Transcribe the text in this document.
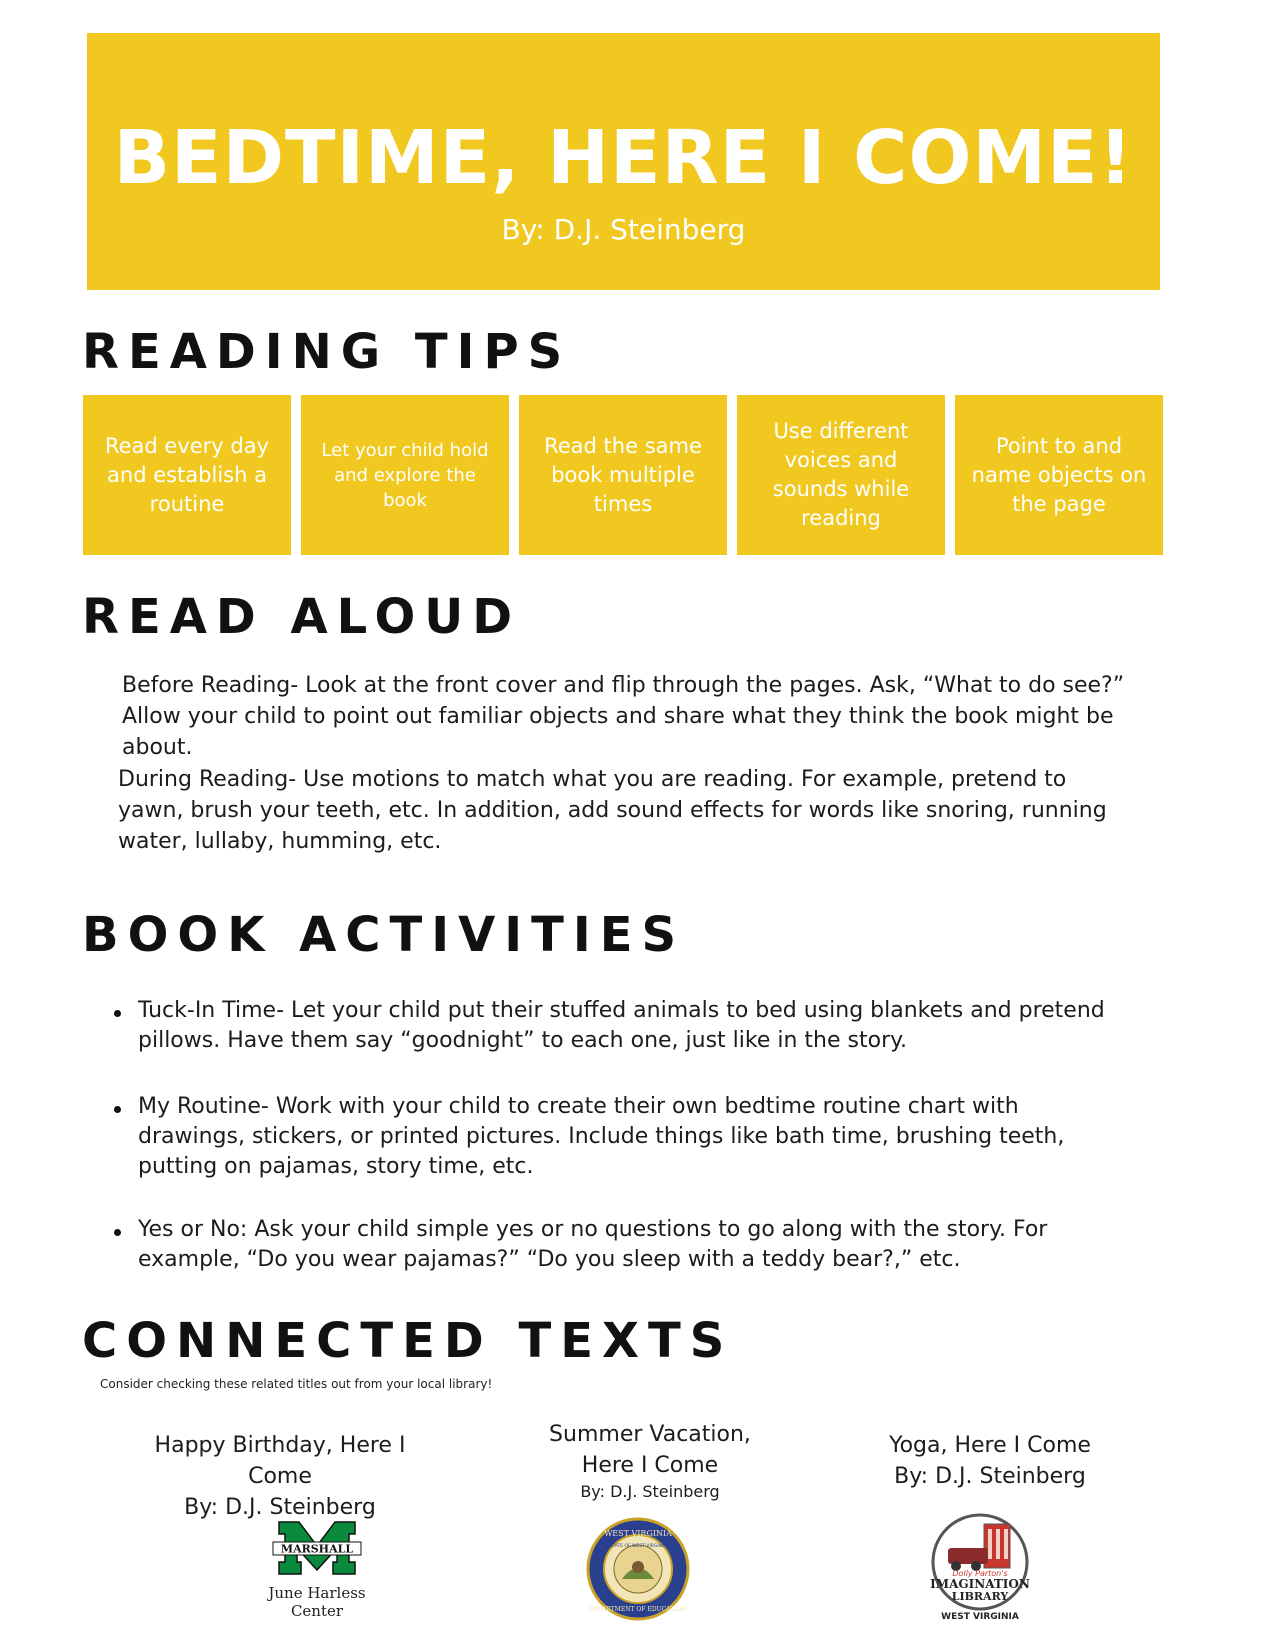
BEDTIME, HERE I COME!
By: D.J. Steinberg
READING TIPS
Read every day and establish a routine
Let your child hold and explore the book
Read the same book multiple times
Use different voices and sounds while reading
Point to and name objects on the page
READ ALOUD

Before Reading- Look at the front cover and flip through the pages. Ask, “What to do see?” Allow your child to point out familiar objects and share what they think the book might be about.

During Reading- Use motions to match what you are reading. For example, pretend to yawn, brush your teeth, etc. In addition, add sound effects for words like snoring, running water, lullaby, humming, etc.

BOOK ACTIVITIES
Tuck-In Time- Let your child put their stuffed animals to bed using blankets and pretend pillows. Have them say “goodnight” to each one, just like in the story.
My Routine- Work with your child to create their own bedtime routine chart with drawings, stickers, or printed pictures. Include things like bath time, brushing teeth, putting on pajamas, story time, etc.
Yes or No: Ask your child simple yes or no questions to go along with the story. For example, “Do you wear pajamas?” “Do you sleep with a teddy bear?,” etc.
CONNECTED TEXTS
Consider checking these related titles out from your local library!
Happy Birthday, Here I Come
By: D.J. Steinberg
Summer Vacation,
Here I Come
By: D.J. Steinberg
Yoga, Here I Come
By: D.J. Steinberg
MARSHALL
June Harless
Center
WEST VIRGINIA
STATE OF WEST VIRGINIA
DEPARTMENT OF EDUCATION
Dolly Parton's
IMAGINATION
LIBRARY
WEST VIRGINIA
